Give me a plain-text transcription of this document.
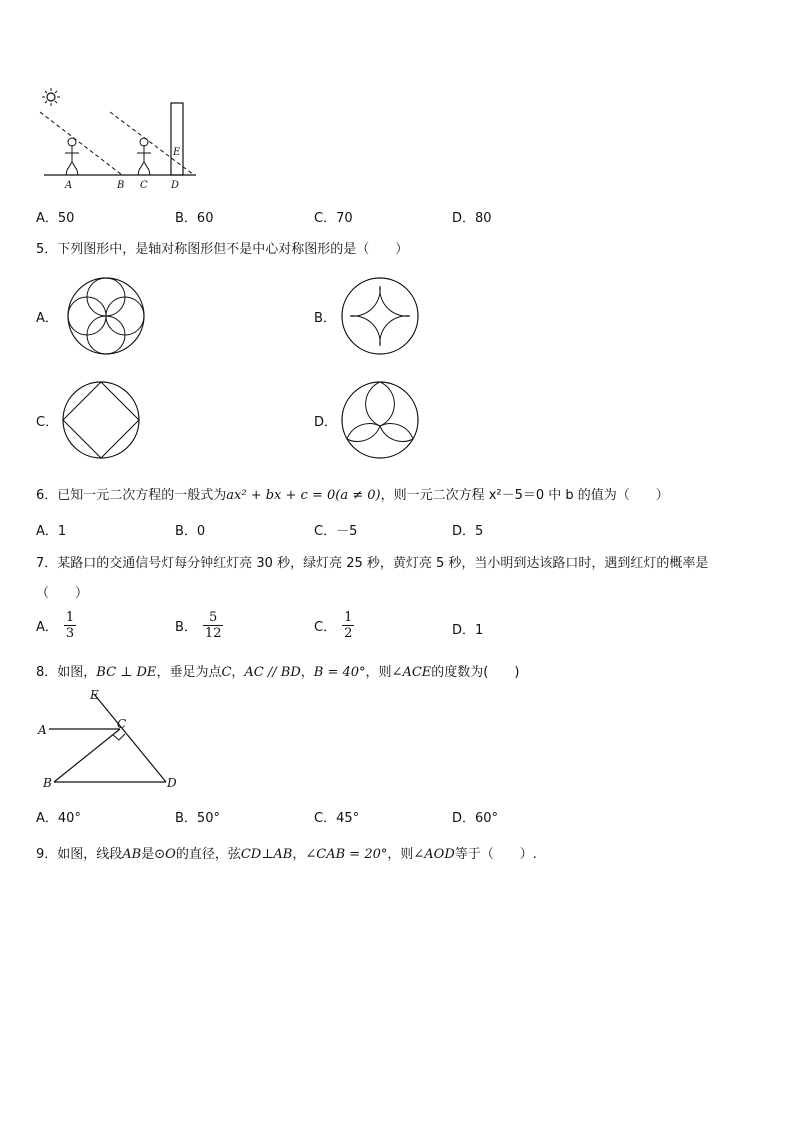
A	B C D
E
A．50	B．60	C．70	D．80
5．下列图形中，是轴对称图形但不是中心对称图形的是（　　）
A．	B．
C．	D．
6．已知一元二次方程的一般式为ax² + bx + c = 0(a ≠ 0)，则一元二次方程 x²－5＝0 中 b 的值为（　　）
A．1	B．0	C．－5	D．5
7．某路口的交通信号灯每分钟红灯亮 30 秒，绿灯亮 25 秒，黄灯亮 5 秒，当小明到达该路口时，遇到红灯的概率是
（　　）
A． $\frac{1}{3}$	B． $\frac{5}{12}$	C． $\frac{1}{2}$	D．1
8．如图，BC ⊥ DE，垂足为点C，AC // BD，B = 40°，则∠ACE的度数为(　　)
E
C
A
B	D
A．40°	B．50°	C．45°	D．60°
9．如图，线段AB是⊙O的直径，弦CD⊥AB，∠CAB = 20°，则∠AOD等于（　　）.
